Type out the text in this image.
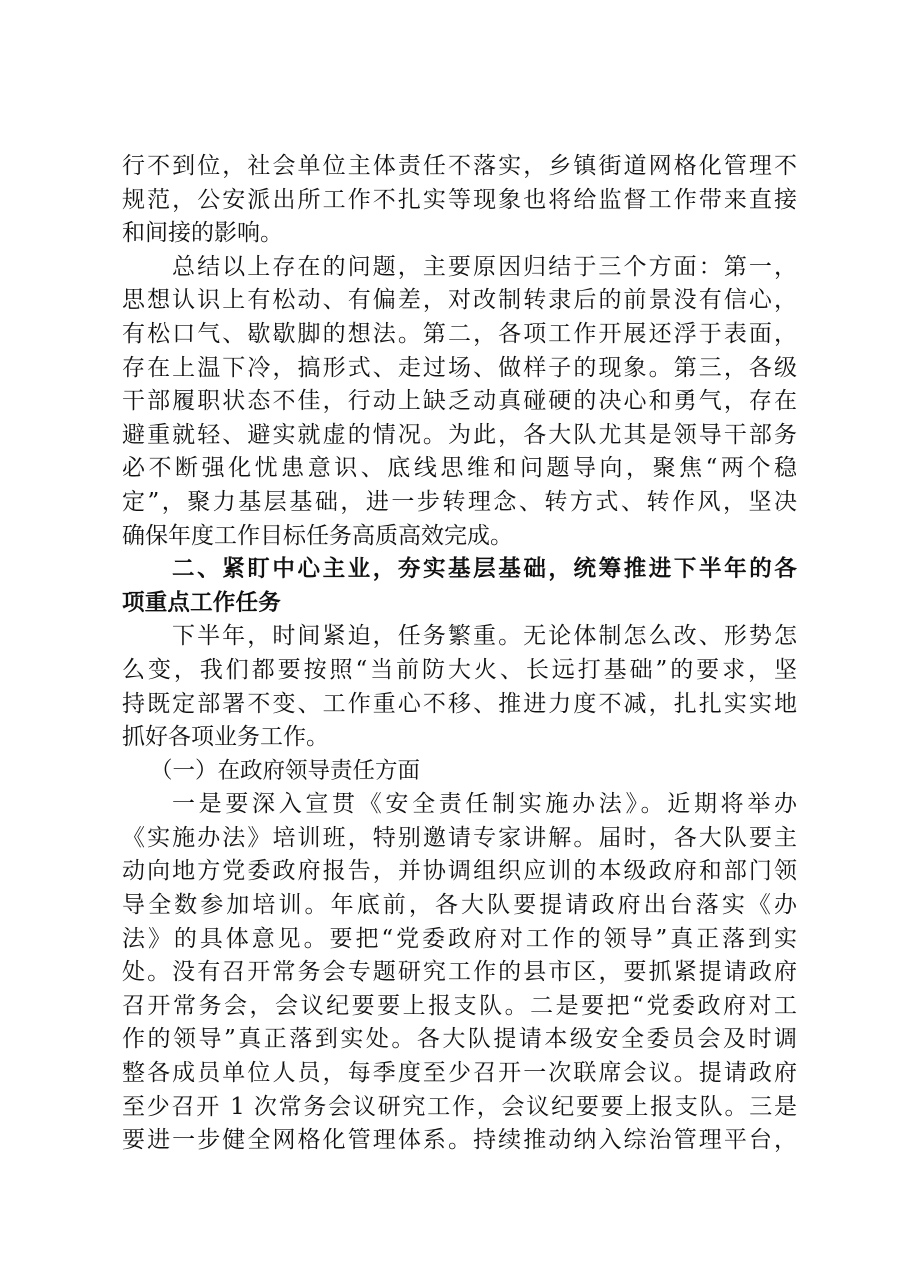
行不到位，社会单位主体责任不落实，乡镇街道网格化管理不
规范，公安派出所工作不扎实等现象也将给监督工作带来直接
和间接的影响。
总结以上存在的问题，主要原因归结于三个方面：第一，
思想认识上有松动、有偏差，对改制转隶后的前景没有信心，
有松口气、歇歇脚的想法。第二，各项工作开展还浮于表面，
存在上温下冷，搞形式、走过场、做样子的现象。第三，各级
干部履职状态不佳，行动上缺乏动真碰硬的决心和勇气，存在
避重就轻、避实就虚的情况。为此，各大队尤其是领导干部务
必不断强化忧患意识、底线思维和问题导向，聚焦“两个稳
定”，聚力基层基础，进一步转理念、转方式、转作风，坚决
确保年度工作目标任务高质高效完成。
二、紧盯中心主业，夯实基层基础，统筹推进下半年的各
项重点工作任务
下半年，时间紧迫，任务繁重。无论体制怎么改、形势怎
么变，我们都要按照“当前防大火、长远打基础”的要求，坚
持既定部署不变、工作重心不移、推进力度不减，扎扎实实地
抓好各项业务工作。
（一）在政府领导责任方面
一是要深入宣贯《安全责任制实施办法》。近期将举办
《实施办法》培训班，特别邀请专家讲解。届时，各大队要主
动向地方党委政府报告，并协调组织应训的本级政府和部门领
导全数参加培训。年底前，各大队要提请政府出台落实《办
法》的具体意见。要把“党委政府对工作的领导”真正落到实
处。没有召开常务会专题研究工作的县市区，要抓紧提请政府
召开常务会，会议纪要要上报支队。二是要把“党委政府对工
作的领导”真正落到实处。各大队提请本级安全委员会及时调
整各成员单位人员，每季度至少召开一次联席会议。提请政府
至少召开 1 次常务会议研究工作，会议纪要要上报支队。三是
要进一步健全网格化管理体系。持续推动纳入综治管理平台，
